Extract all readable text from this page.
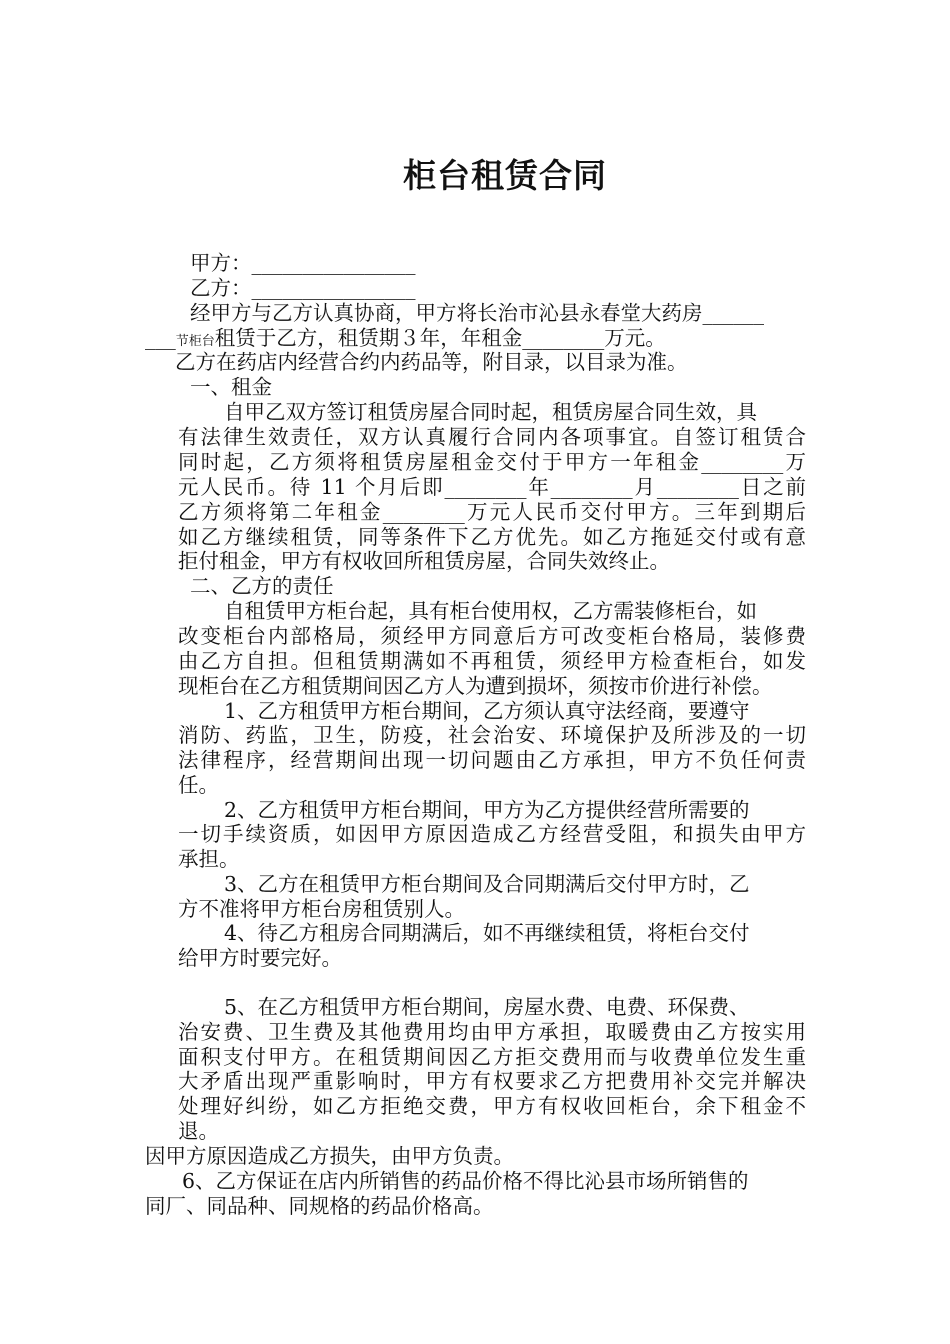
柜台租赁合同
甲方：________________
乙方：________________
经甲方与乙方认真协商，甲方将长治市沁县永春堂大药房______
___节柜台租赁于乙方，租赁期３年，年租金________万元。
乙方在药店内经营合约内药品等，附目录，以目录为准。
一、租金
自甲乙双方签订租赁房屋合同时起，租赁房屋合同生效，具
有法律生效责任，双方认真履行合同内各项事宜。自签订租赁合
同时起，乙方须将租赁房屋租金交付于甲方一年租金________万
元人民币。待 11 个月后即________年________月________日之前
乙方须将第二年租金________万元人民币交付甲方。三年到期后
如乙方继续租赁，同等条件下乙方优先。如乙方拖延交付或有意
拒付租金，甲方有权收回所租赁房屋，合同失效终止。
二、乙方的责任
自租赁甲方柜台起，具有柜台使用权，乙方需装修柜台，如
改变柜台内部格局，须经甲方同意后方可改变柜台格局，装修费
由乙方自担。但租赁期满如不再租赁，须经甲方检查柜台，如发
现柜台在乙方租赁期间因乙方人为遭到损坏，须按市价进行补偿。
1、乙方租赁甲方柜台期间，乙方须认真守法经商，要遵守
消防、药监，卫生，防疫，社会治安、环境保护及所涉及的一切
法律程序，经营期间出现一切问题由乙方承担，甲方不负任何责
任。
2、乙方租赁甲方柜台期间，甲方为乙方提供经营所需要的
一切手续资质，如因甲方原因造成乙方经营受阻，和损失由甲方
承担。
3、乙方在租赁甲方柜台期间及合同期满后交付甲方时，乙
方不准将甲方柜台房租赁别人。
4、待乙方租房合同期满后，如不再继续租赁，将柜台交付
给甲方时要完好。
5、在乙方租赁甲方柜台期间，房屋水费、电费、环保费、
治安费、卫生费及其他费用均由甲方承担，取暖费由乙方按实用
面积支付甲方。在租赁期间因乙方拒交费用而与收费单位发生重
大矛盾出现严重影响时，甲方有权要求乙方把费用补交完并解决
处理好纠纷，如乙方拒绝交费，甲方有权收回柜台，余下租金不
退。
因甲方原因造成乙方损失，由甲方负责。
6、乙方保证在店内所销售的药品价格不得比沁县市场所销售的
同厂、同品种、同规格的药品价格高。
